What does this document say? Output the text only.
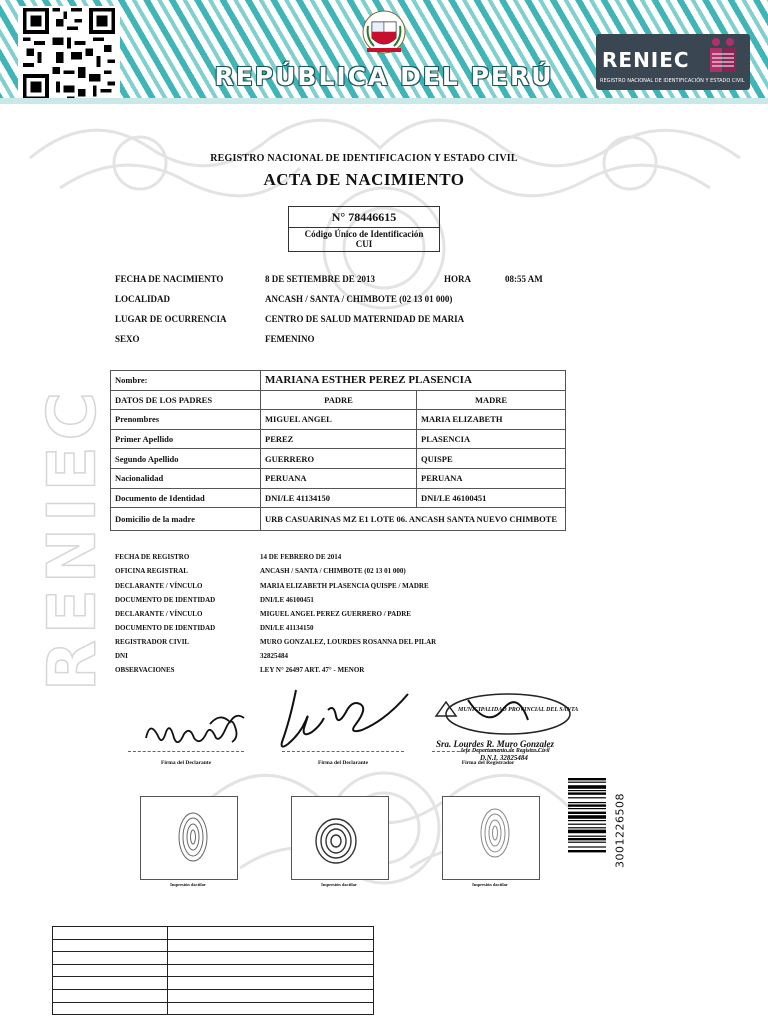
REPÚBLICA DEL PERÚ
RENIEC
REGISTRO NACIONAL DE IDENTIFICACIÓN Y ESTADO CIVIL
RENIEC
REGISTRO NACIONAL DE IDENTIFICACION Y ESTADO CIVIL
ACTA DE NACIMIENTO
N° 78446615
Código Único de Identificación
CUI
FECHA DE NACIMIENTO	8 DE SETIEMBRE DE 2013	HORA	08:55 AM
LOCALIDAD	ANCASH / SANTA / CHIMBOTE (02 13 01 000)
LUGAR DE OCURRENCIA	CENTRO DE SALUD MATERNIDAD DE MARIA
SEXO	FEMENINO
Nombre:	MARIANA ESTHER PEREZ PLASENCIA	
DATOS DE LOS PADRES	PADRE	MADRE
Prenombres	MIGUEL ANGEL	MARIA ELIZABETH
Primer Apellido	PEREZ	PLASENCIA
Segundo Apellido	GUERRERO	QUISPE
Nacionalidad	PERUANA	PERUANA
Documento de Identidad	DNI/LE 41134150	DNI/LE 46100451
Domicilio de la madre	URB CASUARINAS MZ E1 LOTE 06. ANCASH SANTA NUEVO CHIMBOTE	
FECHA DE REGISTRO	14 DE FEBRERO DE 2014
OFICINA REGISTRAL	ANCASH / SANTA / CHIMBOTE (02 13 01 000)
DECLARANTE / VÍNCULO	MARIA ELIZABETH PLASENCIA QUISPE / MADRE
DOCUMENTO DE IDENTIDAD	DNI/LE 46100451
DECLARANTE / VÍNCULO	MIGUEL ANGEL PEREZ GUERRERO / PADRE
DOCUMENTO DE IDENTIDAD	DNI/LE 41134150
REGISTRADOR CIVIL	MURO GONZALEZ, LOURDES ROSANNA DEL PILAR
DNI	32825484
OBSERVACIONES	LEY N° 26497 ART. 47° - MENOR
MUNICIPALIDAD PROVINCIAL DEL SANTA
Sra. Lourdes R. Muro Gonzalez
Jefe Departamento de Registro Civil
D.N.I. 32825484
Firma del Declarante	Firma del Declarante	Firma del Registrador
Impresión dactilar	Impresión dactilar	Impresión dactilar
3001226508
